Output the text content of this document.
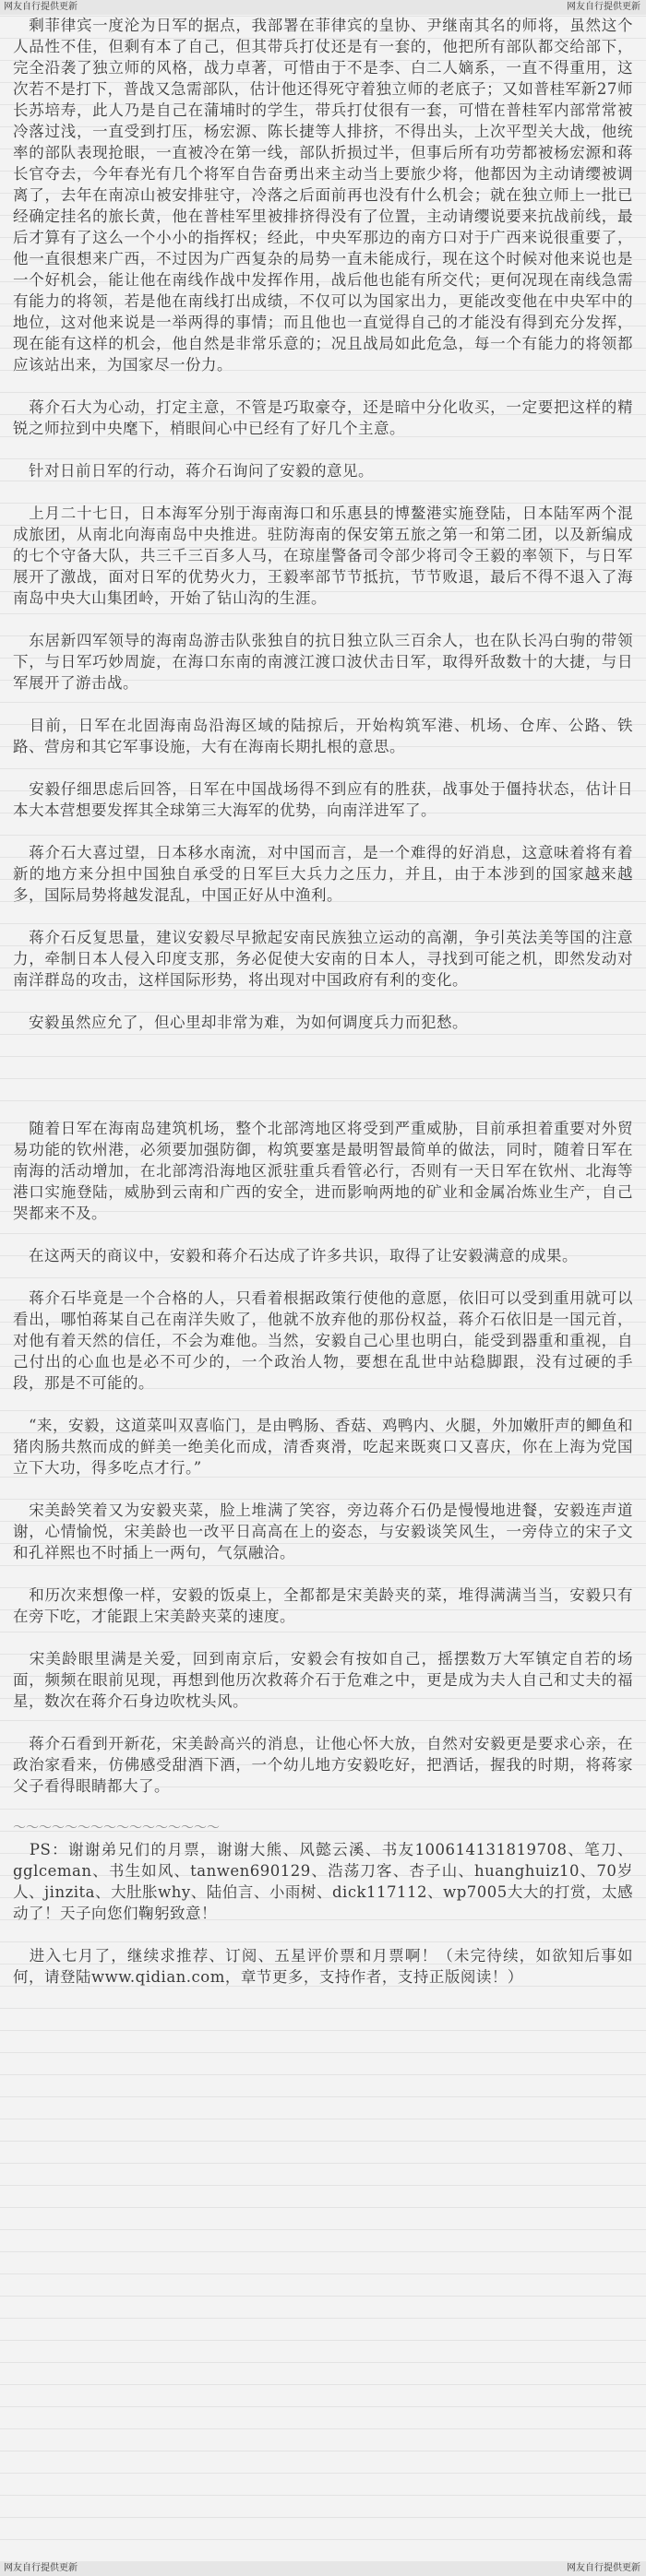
网友自行提供更新	网友自行提供更新

　剩菲律宾一度沦为日军的据点，我部署在菲律宾的皇协、尹继南其名的师将，虽然这个人品性不佳，但剩有本了自己，但其带兵打仗还是有一套的，他把所有部队都交给部下，完全沿袭了独立师的风格，战力卓著，可惜由于不是李、白二人嫡系，一直不得重用，这次若不是打下，普战又急需部队，估计他还得死守着独立师的老底子；又如普桂军新27师长苏培寿，此人乃是自己在蒲埔时的学生，带兵打仗很有一套，可惜在普桂军内部常常被冷落过浅，一直受到打压，杨宏源、陈长捷等人排挤，不得出头，上次平型关大战，他统率的部队表现抢眼，一直被冷在第一线，部队折损过半，但事后所有功劳都被杨宏源和蒋长官夺去，今年春光有几个将军自告奋勇出来主动当上要旅少将，他都因为主动请缨被调离了，去年在南凉山被安排驻守，冷落之后面前再也没有什么机会；就在独立师上一批已经确定挂名的旅长黄，他在普桂军里被排挤得没有了位置，主动请缨说要来抗战前线，最后才算有了这么一个小小的指挥权；经此，中央军那边的南方口对于广西来说很重要了，他一直很想来广西，不过因为广西复杂的局势一直未能成行，现在这个时候对他来说也是一个好机会，能让他在南线作战中发挥作用，战后他也能有所交代；更何况现在南线急需有能力的将领，若是他在南线打出成绩，不仅可以为国家出力，更能改变他在中央军中的地位，这对他来说是一举两得的事情；而且他也一直觉得自己的才能没有得到充分发挥，现在能有这样的机会，他自然是非常乐意的；况且战局如此危急，每一个有能力的将领都应该站出来，为国家尽一份力。

　蒋介石大为心动，打定主意，不管是巧取豪夺，还是暗中分化收买，一定要把这样的精锐之师拉到中央麾下，梢眼间心中已经有了好几个主意。

　针对日前日军的行动，蒋介石询问了安毅的意见。

　上月二十七日，日本海军分别于海南海口和乐惠县的博鳌港实施登陆，日本陆军两个混成旅团，从南北向海南岛中央推进。驻防海南的保安第五旅之第一和第二团，以及新编成的七个守备大队，共三千三百多人马，在琼崖警备司令部少将司令王毅的率领下，与日军展开了激战，面对日军的优势火力，王毅率部节节抵抗，节节败退，最后不得不退入了海南岛中央大山集团岭，开始了钻山沟的生涯。

　东居新四军领导的海南岛游击队张独自的抗日独立队三百余人，也在队长冯白驹的带领下，与日军巧妙周旋，在海口东南的南渡江渡口波伏击日军，取得歼敌数十的大捷，与日军展开了游击战。

　目前，日军在北固海南岛沿海区域的陆掠后，开始构筑军港、机场、仓库、公路、铁路、营房和其它军事设施，大有在海南长期扎根的意思。

　安毅仔细思虑后回答，日军在中国战场得不到应有的胜获，战事处于僵持状态，估计日本大本营想要发挥其全球第三大海军的优势，向南洋进军了。

　蒋介石大喜过望，日本移水南流，对中国而言，是一个难得的好消息，这意味着将有着新的地方来分担中国独自承受的日军巨大兵力之压力，并且，由于本涉到的国家越来越多，国际局势将越发混乱，中国正好从中渔利。

　蒋介石反复思量，建议安毅尽早掀起安南民族独立运动的高潮，争引英法美等国的注意力，牵制日本人侵入印度支那，务必促使大安南的日本人，寻找到可能之机，即然发动对南洋群岛的攻击，这样国际形势，将出现对中国政府有利的变化。

　安毅虽然应允了，但心里却非常为难，为如何调度兵力而犯愁。

　随着日军在海南岛建筑机场，整个北部湾地区将受到严重威胁，目前承担着重要对外贸易功能的钦州港，必须要加强防御，构筑要塞是最明智最简单的做法，同时，随着日军在南海的活动增加，在北部湾沿海地区派驻重兵看管必行，否则有一天日军在钦州、北海等港口实施登陆，威胁到云南和广西的安全，进而影响两地的矿业和金属冶炼业生产，自己哭都来不及。

　在这两天的商议中，安毅和蒋介石达成了许多共识，取得了让安毅满意的成果。

　蒋介石毕竟是一个合格的人，只看着根据政策行使他的意愿，依旧可以受到重用就可以看出，哪怕蒋某自己在南洋失败了，他就不放弃他的那份权益，蒋介石依旧是一国元首，对他有着天然的信任，不会为难他。当然，安毅自己心里也明白，能受到器重和重视，自己付出的心血也是必不可少的，一个政治人物，要想在乱世中站稳脚跟，没有过硬的手段，那是不可能的。

　“来，安毅，这道菜叫双喜临门，是由鸭肠、香菇、鸡鸭内、火腿，外加嫩肝声的鲫鱼和猪肉肠共熬而成的鲜美一绝美化而成，清香爽滑，吃起来既爽口又喜庆，你在上海为党国立下大功，得多吃点才行。”

　宋美龄笑着又为安毅夹菜，脸上堆满了笑容，旁边蒋介石仍是慢慢地进餐，安毅连声道谢，心情愉悦，宋美龄也一改平日高高在上的姿态，与安毅谈笑风生，一旁侍立的宋子文和孔祥熙也不时插上一两句，气氛融洽。

　和历次来想像一样，安毅的饭桌上，全都都是宋美龄夹的菜，堆得满满当当，安毅只有在旁下吃，才能跟上宋美龄夹菜的速度。

　宋美龄眼里满是关爱，回到南京后，安毅会有按如自己，摇摆数万大军镇定自若的场面，频频在眼前见现，再想到他历次救蒋介石于危难之中，更是成为夫人自己和丈夫的福星，数次在蒋介石身边吹枕头风。

　蒋介石看到开新花，宋美龄高兴的消息，让他心怀大放，自然对安毅更是要求心亲，在政治家看来，仿佛感受甜酒下酒，一个幼儿地方安毅吃好，把酒话，握我的时期，将蒋家父子看得眼睛都大了。

～～～～～～～～～～～～～～～～

　PS：谢谢弟兄们的月票，谢谢大熊、风懿云溪、书友100614131819708、笔刀、gglceman、书生如风、tanwen690129、浩荡刀客、杏子山、huanghuiz10、70岁人、jinzita、大肚胀why、陆伯言、小雨树、dick117112、wp7005大大的打赏，太感动了！天子向您们鞠躬致意！

　进入七月了，继续求推荐、订阅、五星评价票和月票啊！（未完待续，如欲知后事如何，请登陆www.qidian.com，章节更多，支持作者，支持正版阅读！）

网友自行提供更新	网友自行提供更新
